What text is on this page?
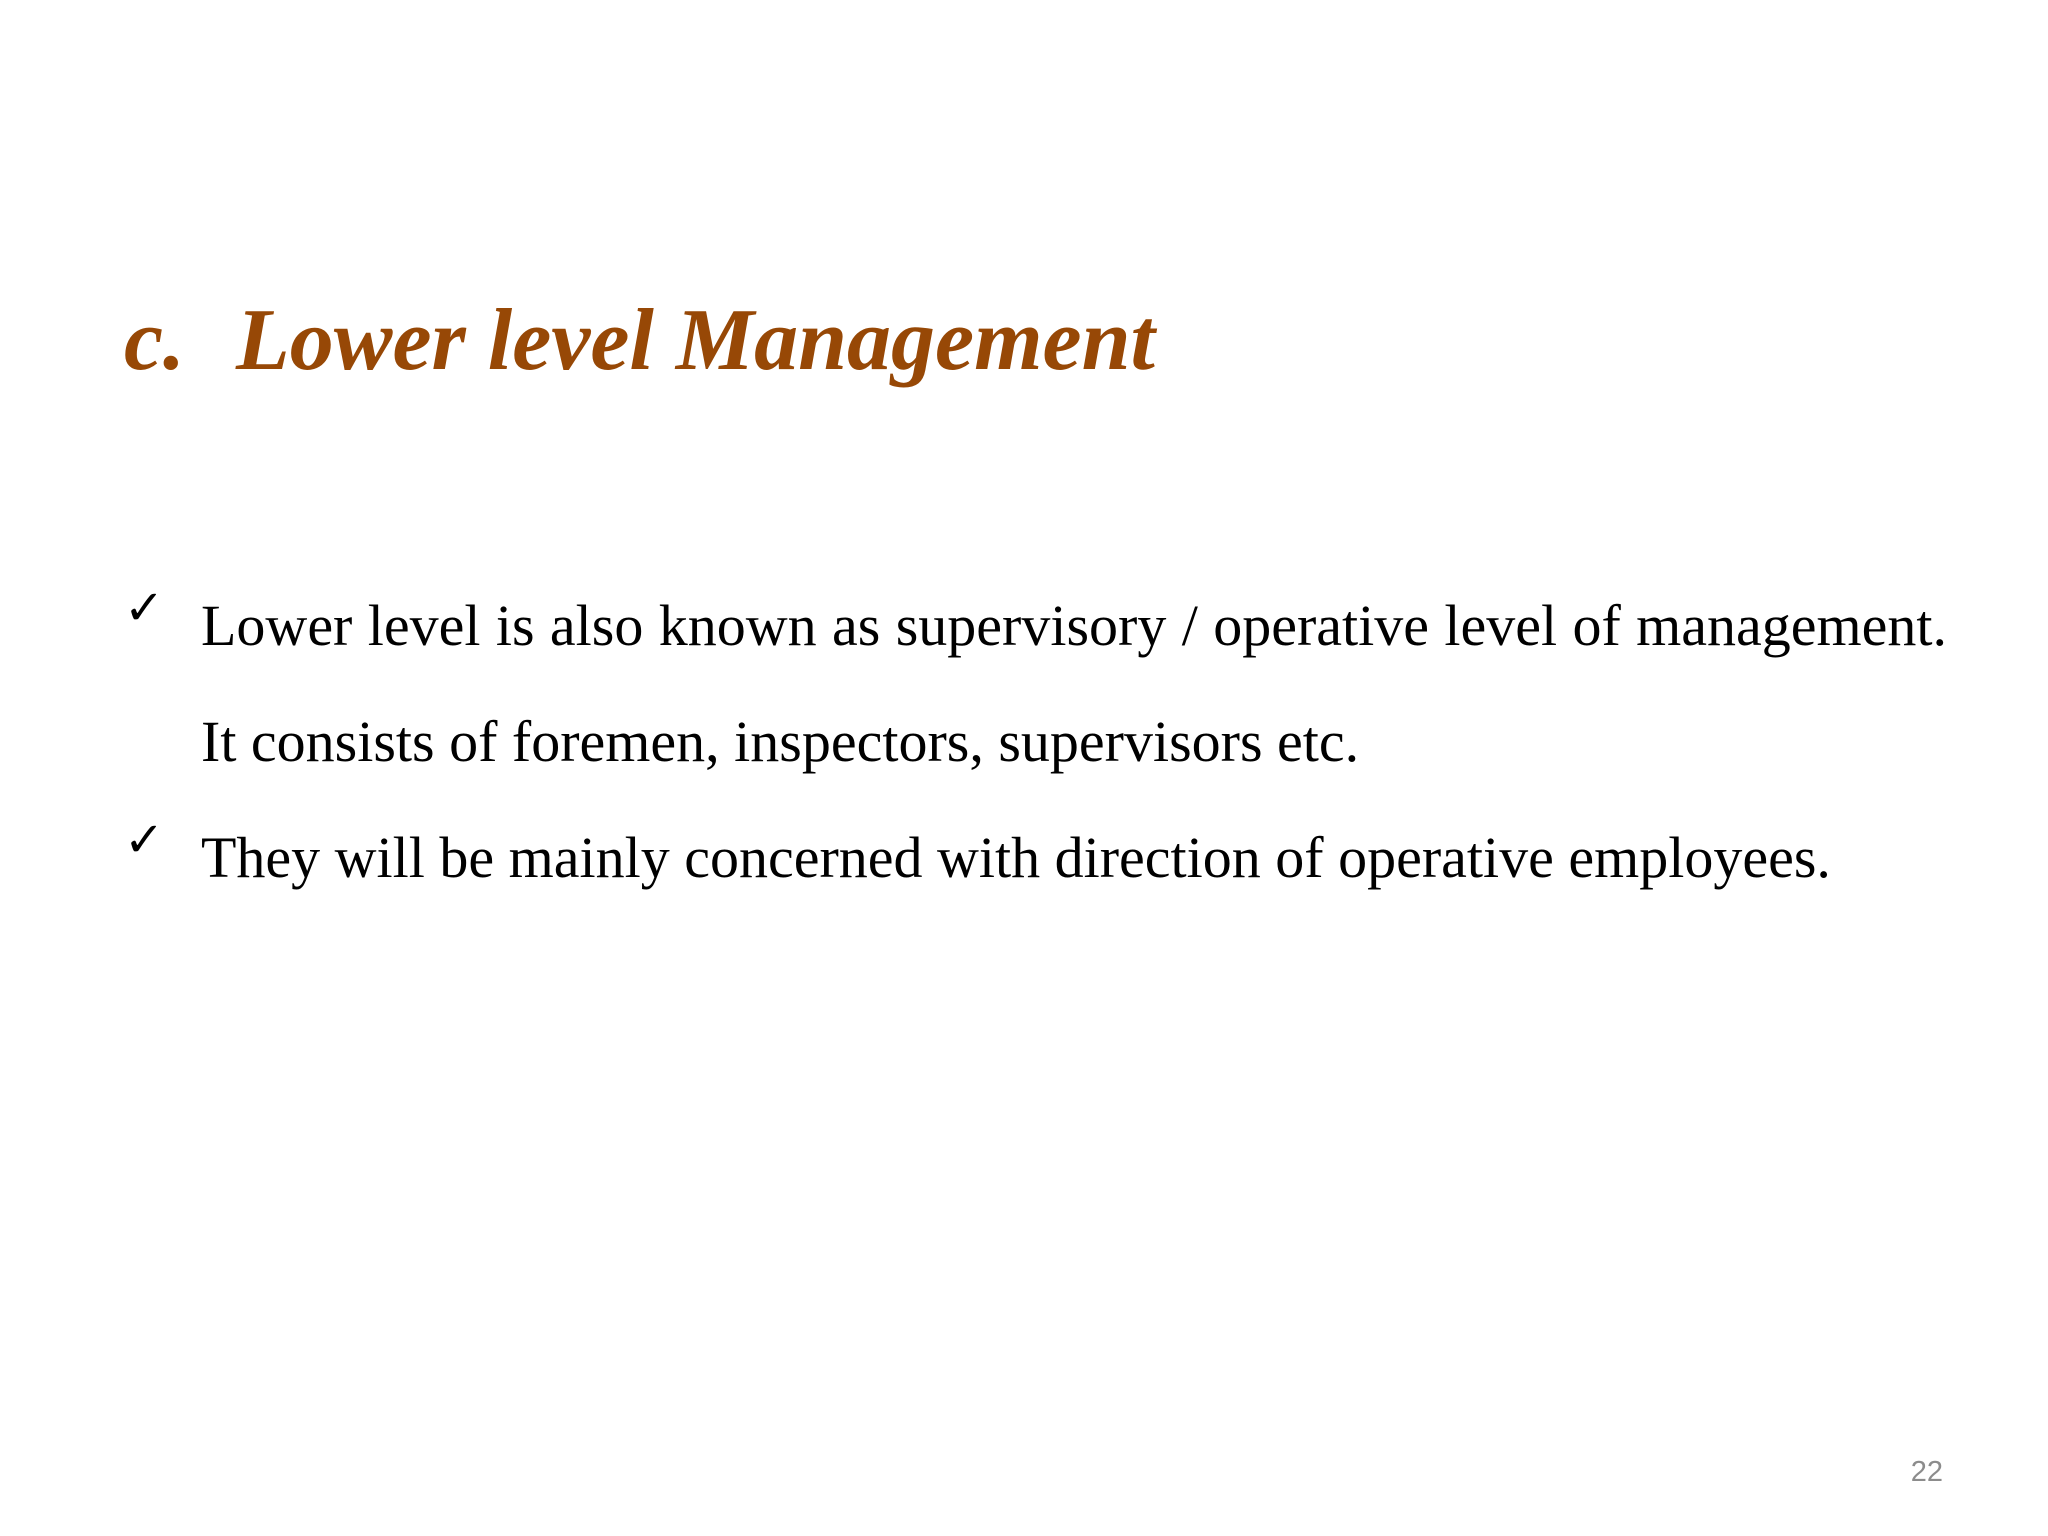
c. Lower level Management
✓ Lower level is also known as supervisory / operative level of management. It consists of foremen, inspectors, supervisors etc.
✓ They will be mainly concerned with direction of operative employees.
22
